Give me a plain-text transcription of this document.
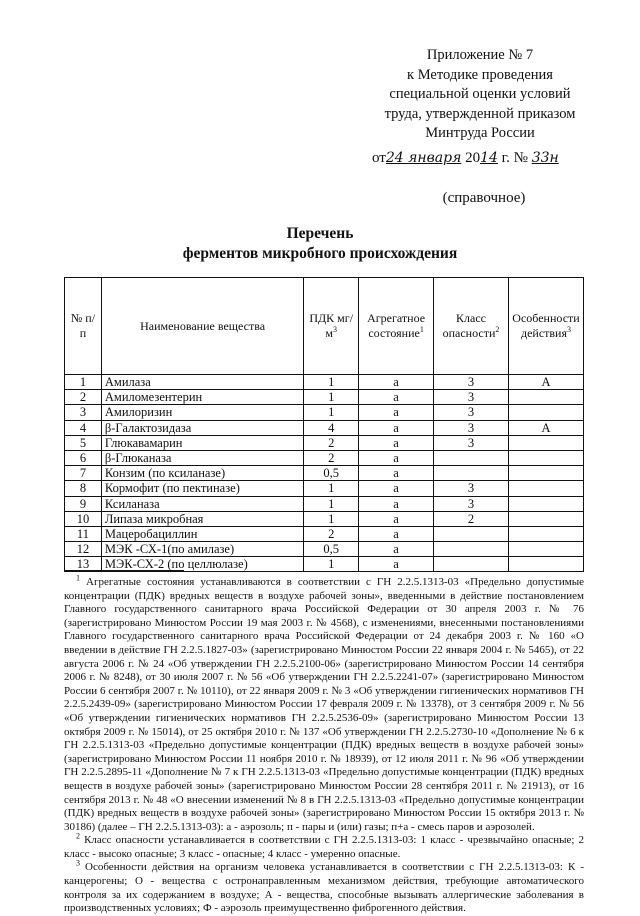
Приложение № 7
к Методике проведения
специальной оценки условий
труда, утвержденной приказом
Минтруда России
от24 января 2014 г. № 33н
(справочное)
Перечень
ферментов микробного происхождения
№ п/п	Наименование вещества	ПДК $мг/м^3$	Агрегатное состояние$^1$	Класс опасности$^2$	Особенности действия$^3$
1	Амилаза	1	а	3	А
2	Амиломезентерин	1	а	3	
3	Амилоризин	1	а	3	
4	β-Галактозидаза	4	а	3	А
5	Глюкавамарин	2	а	3	
6	β-Глюканаза	2	а		
7	Конзим (по ксиланазе)	0,5	а		
8	Кормофит (по пектиназе)	1	а	3	
9	Ксиланаза	1	а	3	
10	Липаза микробная	1	а	2	
11	Мацеробациллин	2	а		
12	МЭК -СХ-1(по амилазе)	0,5	а		
13	МЭК-СХ-2 (по целлюлазе)	1	а		

$^1$ Агрегатные состояния устанавливаются в соответствии с ГН 2.2.5.1313-03 «Предельно допустимые концентрации (ПДК) вредных веществ в воздухе рабочей зоны», введенными в действие постановлением Главного государственного санитарного врача Российской Федерации от 30 апреля 2003 г. № 76 (зарегистрировано Минюстом России 19 мая 2003 г. № 4568), с изменениями, внесенными постановлениями Главного государственного санитарного врача Российской Федерации от 24 декабря 2003 г. № 160 «О введении в действие ГН 2.2.5.1827-03» (зарегистрировано Минюстом России 22 января 2004 г. № 5465), от 22 августа 2006 г. № 24 «Об утверждении ГН 2.2.5.2100-06» (зарегистрировано Минюстом России 14 сентября 2006 г. № 8248), от 30 июля 2007 г. № 56 «Об утверждении ГН 2.2.5.2241-07» (зарегистрировано Минюстом России 6 сентября 2007 г. № 10110), от 22 января 2009 г. № 3 «Об утверждении гигиенических нормативов ГН 2.2.5.2439-09» (зарегистрировано Минюстом России 17 февраля 2009 г. № 13378), от 3 сентября 2009 г. № 56 «Об утверждении гигиенических нормативов ГН 2.2.5.2536-09» (зарегистрировано Минюстом России 13 октября 2009 г. № 15014), от 25 октября 2010 г. № 137 «Об утверждении ГН 2.2.5.2730-10 «Дополнение № 6 к ГН 2.2.5.1313-03 «Предельно допустимые концентрации (ПДК) вредных веществ в воздухе рабочей зоны» (зарегистрировано Минюстом России 11 ноября 2010 г. № 18939), от 12 июля 2011 г. № 96 «Об утверждении ГН 2.2.5.2895-11 «Дополнение № 7 к ГН 2.2.5.1313-03 «Предельно допустимые концентрации (ПДК) вредных веществ в воздухе рабочей зоны» (зарегистрировано Минюстом России 28 сентября 2011 г. № 21913), от 16 сентября 2013 г. № 48 «О внесении изменений № 8 в ГН 2.2.5.1313-03 «Предельно допустимые концентрации (ПДК) вредных веществ в воздухе рабочей зоны» (зарегистрировано Минюстом России 15 октября 2013 г. № 30186) (далее – ГН 2.2.5.1313-03): а - аэрозоль; п - пары и (или) газы; п+а - смесь паров и аэрозолей.

$^2$ Класс опасности устанавливается в соответствии с ГН 2.2.5.1313-03: 1 класс - чрезвычайно опасные; 2 класс - высоко опасные; 3 класс - опасные; 4 класс - умеренно опасные.

$^3$ Особенности действия на организм человека устанавливается в соответствии с ГН 2.2.5.1313-03: К - канцерогены; О - вещества с остронаправленным механизмом действия, требующие автоматического контроля за их содержанием в воздухе; А - вещества, способные вызывать аллергические заболевания в производственных условиях; Ф - аэрозоль преимущественно фиброгенного действия.
